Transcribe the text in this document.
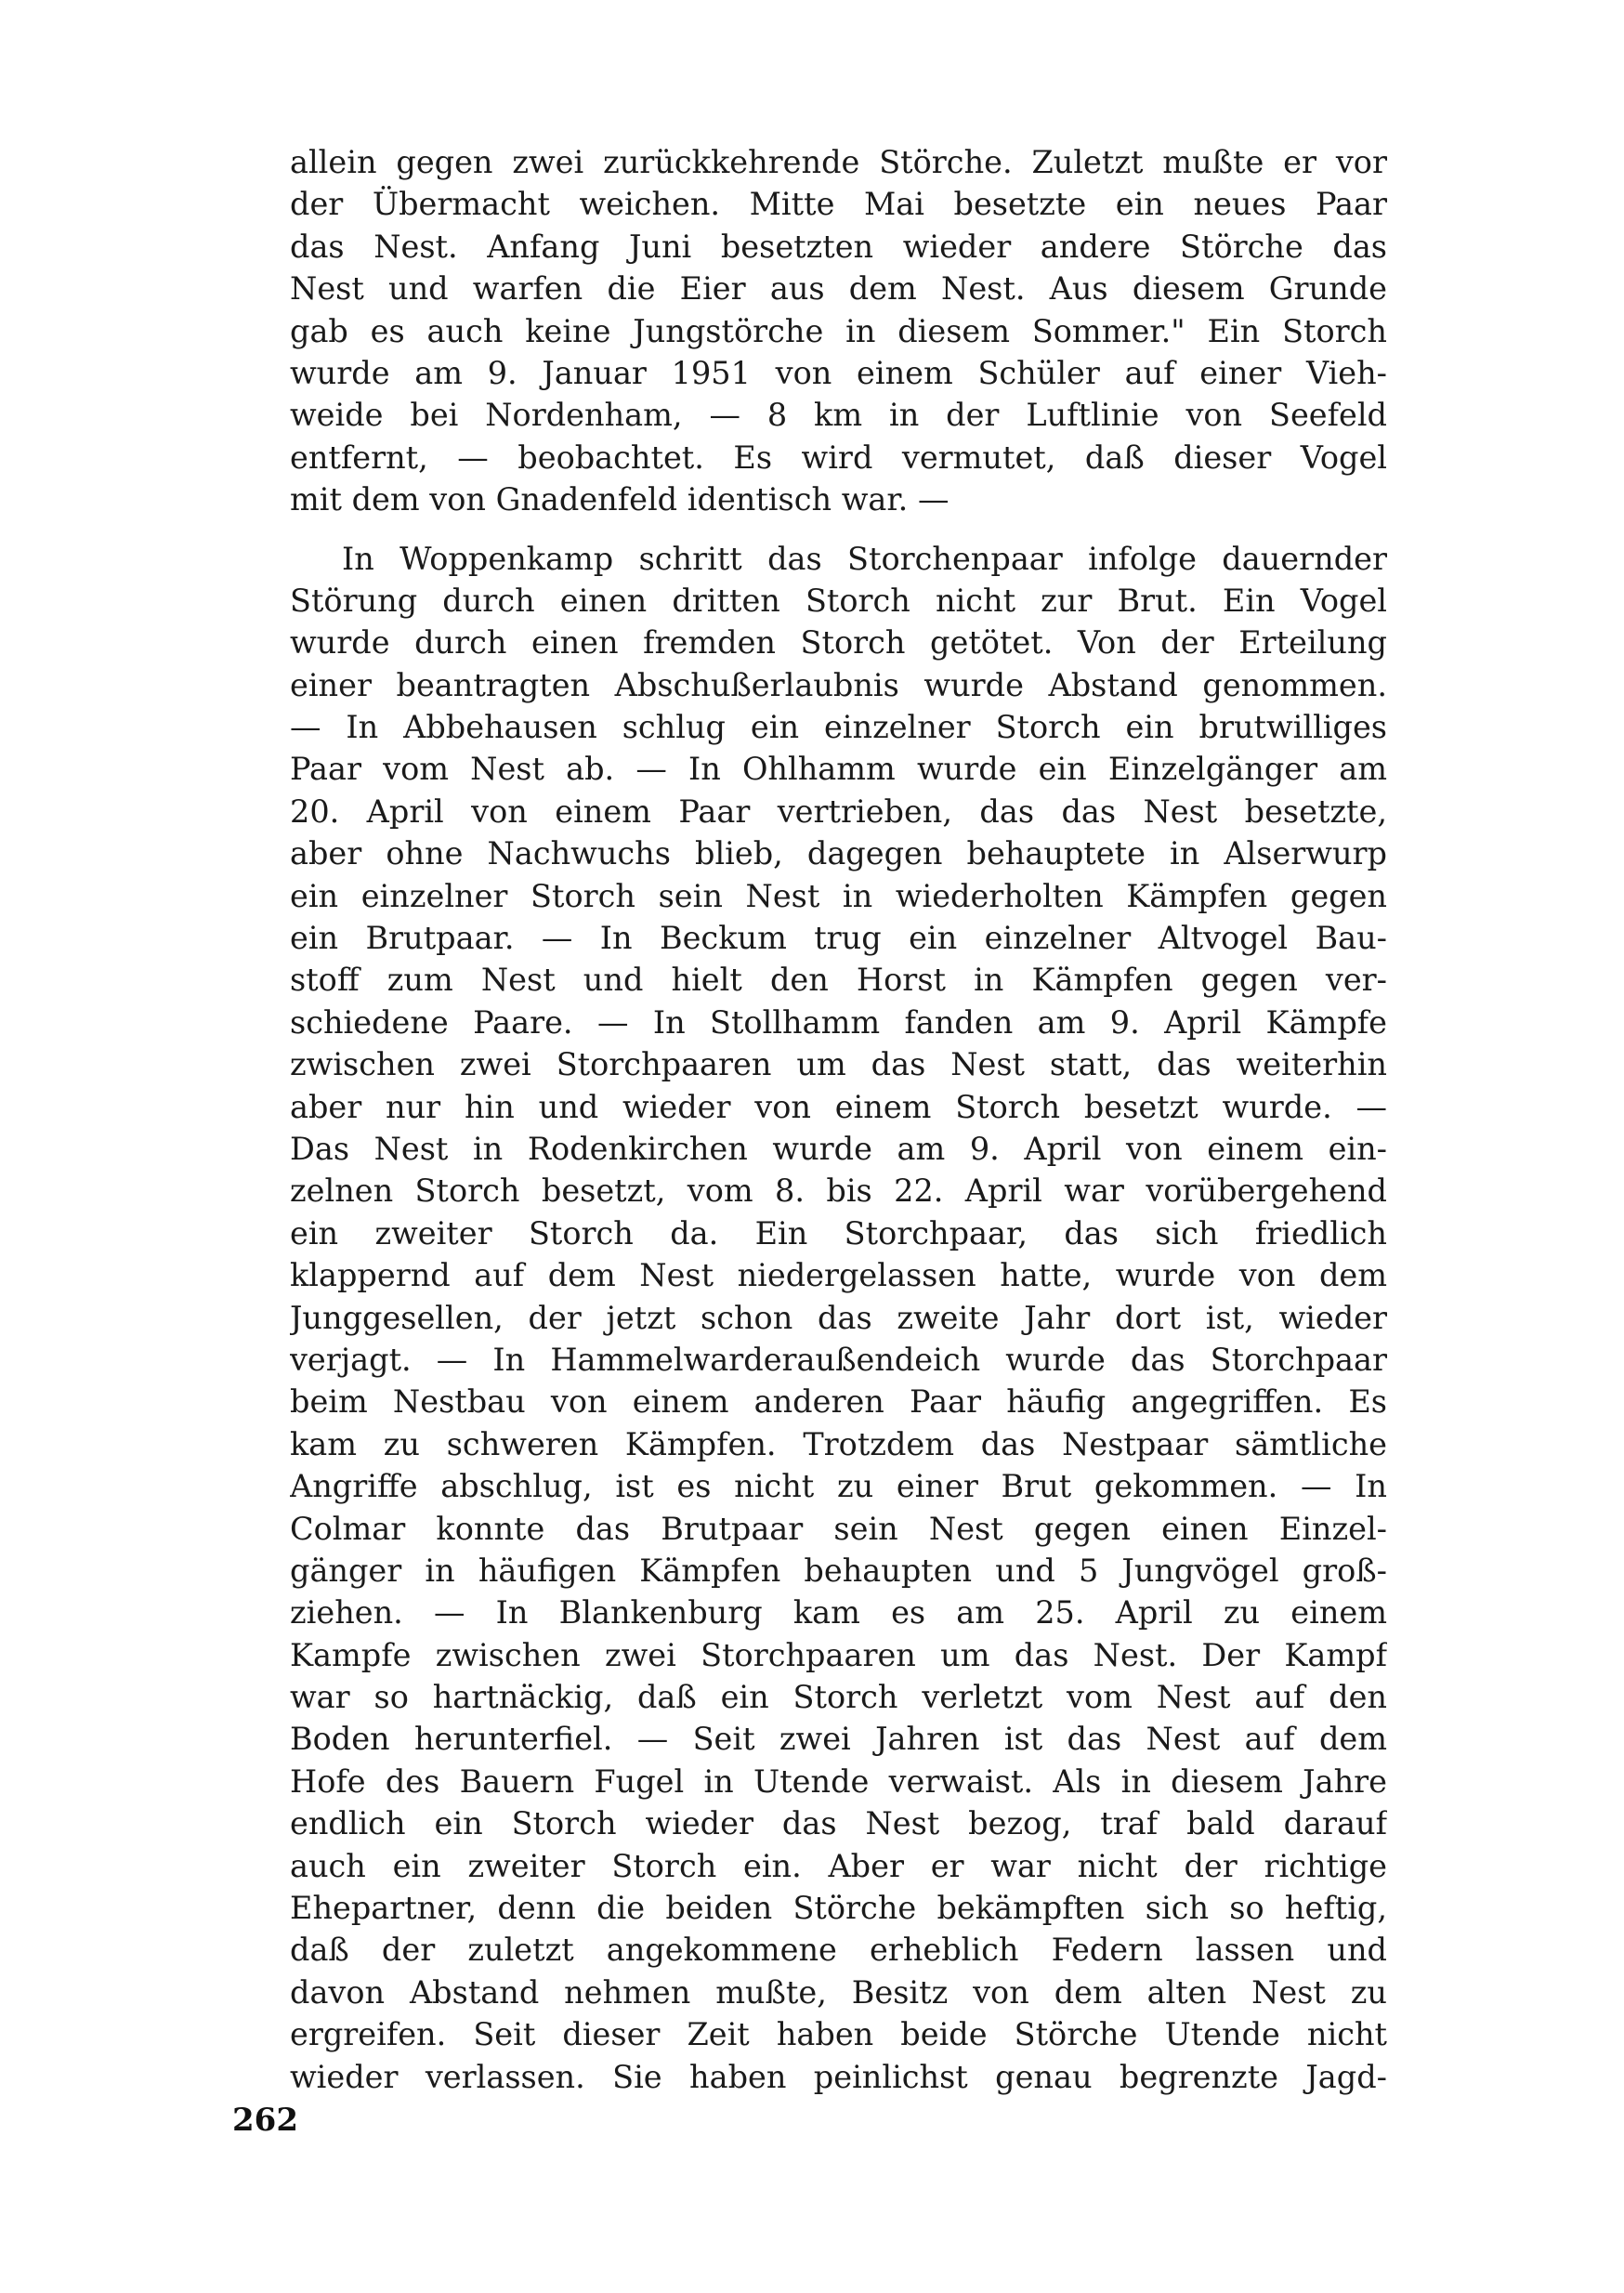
allein gegen zwei zurückkehrende Störche. Zuletzt mußte er vor
der Übermacht weichen. Mitte Mai besetzte ein neues Paar
das Nest. Anfang Juni besetzten wieder andere Störche das
Nest und warfen die Eier aus dem Nest. Aus diesem Grunde
gab es auch keine Jungstörche in diesem Sommer." Ein Storch
wurde am 9. Januar 1951 von einem Schüler auf einer Vieh-
weide bei Nordenham, — 8 km in der Luftlinie von Seefeld
entfernt, — beobachtet. Es wird vermutet, daß dieser Vogel
mit dem von Gnadenfeld identisch war. —
In Woppenkamp schritt das Storchenpaar infolge dauernder
Störung durch einen dritten Storch nicht zur Brut. Ein Vogel
wurde durch einen fremden Storch getötet. Von der Erteilung
einer beantragten Abschußerlaubnis wurde Abstand genommen.
— In Abbehausen schlug ein einzelner Storch ein brutwilliges
Paar vom Nest ab. — In Ohlhamm wurde ein Einzelgänger am
20. April von einem Paar vertrieben, das das Nest besetzte,
aber ohne Nachwuchs blieb, dagegen behauptete in Alserwurp
ein einzelner Storch sein Nest in wiederholten Kämpfen gegen
ein Brutpaar. — In Beckum trug ein einzelner Altvogel Bau-
stoff zum Nest und hielt den Horst in Kämpfen gegen ver-
schiedene Paare. — In Stollhamm fanden am 9. April Kämpfe
zwischen zwei Storchpaaren um das Nest statt, das weiterhin
aber nur hin und wieder von einem Storch besetzt wurde. —
Das Nest in Rodenkirchen wurde am 9. April von einem ein-
zelnen Storch besetzt, vom 8. bis 22. April war vorübergehend
ein zweiter Storch da. Ein Storchpaar, das sich friedlich
klappernd auf dem Nest niedergelassen hatte, wurde von dem
Junggesellen, der jetzt schon das zweite Jahr dort ist, wieder
verjagt. — In Hammelwarderaußendeich wurde das Storchpaar
beim Nestbau von einem anderen Paar häufig angegriffen. Es
kam zu schweren Kämpfen. Trotzdem das Nestpaar sämtliche
Angriffe abschlug, ist es nicht zu einer Brut gekommen. — In
Colmar konnte das Brutpaar sein Nest gegen einen Einzel-
gänger in häufigen Kämpfen behaupten und 5 Jungvögel groß-
ziehen. — In Blankenburg kam es am 25. April zu einem
Kampfe zwischen zwei Storchpaaren um das Nest. Der Kampf
war so hartnäckig, daß ein Storch verletzt vom Nest auf den
Boden herunterfiel. — Seit zwei Jahren ist das Nest auf dem
Hofe des Bauern Fugel in Utende verwaist. Als in diesem Jahre
endlich ein Storch wieder das Nest bezog, traf bald darauf
auch ein zweiter Storch ein. Aber er war nicht der richtige
Ehepartner, denn die beiden Störche bekämpften sich so heftig,
daß der zuletzt angekommene erheblich Federn lassen und
davon Abstand nehmen mußte, Besitz von dem alten Nest zu
ergreifen. Seit dieser Zeit haben beide Störche Utende nicht
wieder verlassen. Sie haben peinlichst genau begrenzte Jagd-
262
